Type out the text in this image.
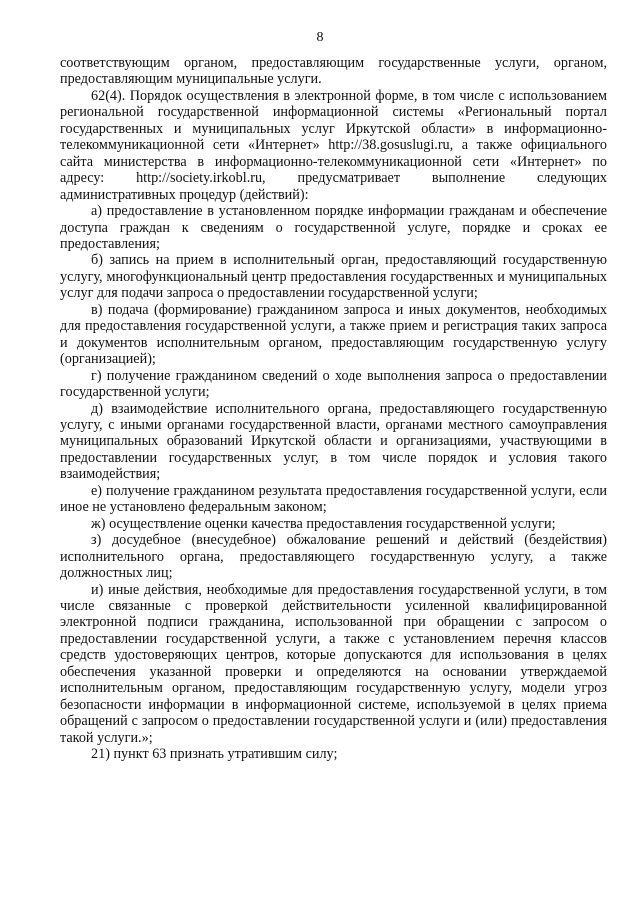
8

соответствующим органом, предоставляющим государственные услуги, органом, предоставляющим муниципальные услуги.

62(4). Порядок осуществления в электронной форме, в том числе с использованием региональной государственной информационной системы «Региональный портал государственных и муниципальных услуг Иркутской области» в информационно-телекоммуникационной сети «Интернет» http://38.gosuslugi.ru, а также официального сайта министерства в информационно-телекоммуникационной сети «Интернет» по адресу: http://society.irkobl.ru, предусматривает выполнение следующих административных процедур (действий):

а) предоставление в установленном порядке информации гражданам и обеспечение доступа граждан к сведениям о государственной услуге, порядке и сроках ее предоставления;

б) запись на прием в исполнительный орган, предоставляющий государственную услугу, многофункциональный центр предоставления государственных и муниципальных услуг для подачи запроса о предоставлении государственной услуги;

в) подача (формирование) гражданином запроса и иных документов, необходимых для предоставления государственной услуги, а также прием и регистрация таких запроса и документов исполнительным органом, предоставляющим государственную услугу (организацией);

г) получение гражданином сведений о ходе выполнения запроса о предоставлении государственной услуги;

д) взаимодействие исполнительного органа, предоставляющего государственную услугу, с иными органами государственной власти, органами местного самоуправления муниципальных образований Иркутской области и организациями, участвующими в предоставлении государственных услуг, в том числе порядок и условия такого взаимодействия;

е) получение гражданином результата предоставления государственной услуги, если иное не установлено федеральным законом;

ж) осуществление оценки качества предоставления государственной услуги;

з) досудебное (внесудебное) обжалование решений и действий (бездействия) исполнительного органа, предоставляющего государственную услугу, а также должностных лиц;

и) иные действия, необходимые для предоставления государственной услуги, в том числе связанные с проверкой действительности усиленной квалифицированной электронной подписи гражданина, использованной при обращении с запросом о предоставлении государственной услуги, а также с установлением перечня классов средств удостоверяющих центров, которые допускаются для использования в целях обеспечения указанной проверки и определяются на основании утверждаемой исполнительным органом, предоставляющим государственную услугу, модели угроз безопасности информации в информационной системе, используемой в целях приема обращений с запросом о предоставлении государственной услуги и (или) предоставления такой услуги.»;

21) пункт 63 признать утратившим силу;
